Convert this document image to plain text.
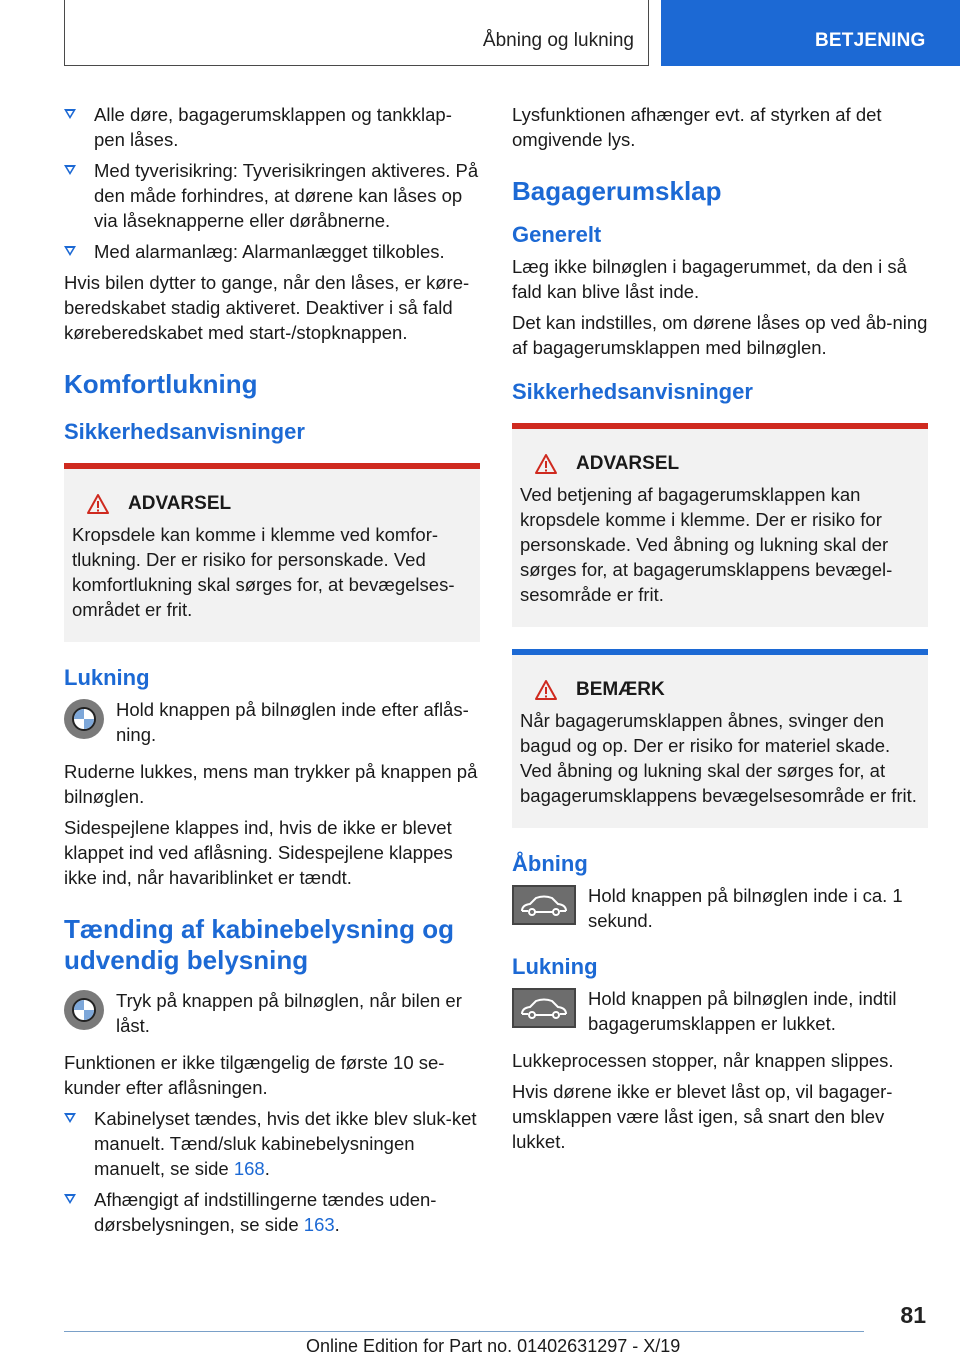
Åbning og lukning	BETJENING
Alle døre, bagagerumsklappen og tankklap-pen låses.
Med tyverisikring: Tyverisikringen aktiveres. På den måde forhindres, at dørene kan låses op via låseknapperne eller døråbnerne.
Med alarmanlæg: Alarmanlægget tilkobles.

Hvis bilen dytter to gange, når den låses, er køre-beredskabet stadig aktiveret. Deaktiver i så fald køreberedskabet med start-/stopknappen.

Komfortlukning
Sikkerhedsanvisninger
ADVARSEL
Kropsdele kan komme i klemme ved komfor-tlukning. Der er risiko for personskade. Ved komfortlukning skal sørges for, at bevægelses-området er frit.
Lukning
Hold knappen på bilnøglen inde efter aflås-ning.

Ruderne lukkes, mens man trykker på knappen på bilnøglen.

Sidespejlene klappes ind, hvis de ikke er blevet klappet ind ved aflåsning. Sidespejlene klappes ikke ind, når havariblinket er tændt.

Tænding af kabinebelysning og udvendig belysning
Tryk på knappen på bilnøglen, når bilen er låst.

Funktionen er ikke tilgængelig de første 10 se-kunder efter aflåsningen.

Kabinelyset tændes, hvis det ikke blev sluk-ket manuelt. Tænd/sluk kabinebelysningen manuelt, se side 168.
Afhængigt af indstillingerne tændes uden-dørsbelysningen, se side 163.

Lysfunktionen afhænger evt. af styrken af det omgivende lys.

Bagagerumsklap
Generelt

Læg ikke bilnøglen i bagagerummet, da den i så fald kan blive låst inde.

Det kan indstilles, om dørene låses op ved åb-ning af bagagerumsklappen med bilnøglen.

Sikkerhedsanvisninger
ADVARSEL
Ved betjening af bagagerumsklappen kan kropsdele komme i klemme. Der er risiko for personskade. Ved åbning og lukning skal der sørges for, at bagagerumsklappens bevægel-sesområde er frit.
BEMÆRK
Når bagagerumsklappen åbnes, svinger den bagud og op. Der er risiko for materiel skade. Ved åbning og lukning skal der sørges for, at bagagerumsklappens bevægelsesområde er frit.
Åbning
Hold knappen på bilnøglen inde i ca. 1 sekund.
Lukning
Hold knappen på bilnøglen inde, indtil bagagerumsklappen er lukket.

Lukkeprocessen stopper, når knappen slippes.

Hvis dørene ikke er blevet låst op, vil bagager-umsklappen være låst igen, så snart den blev lukket.

81
Online Edition for Part no. 01402631297 - X/19
